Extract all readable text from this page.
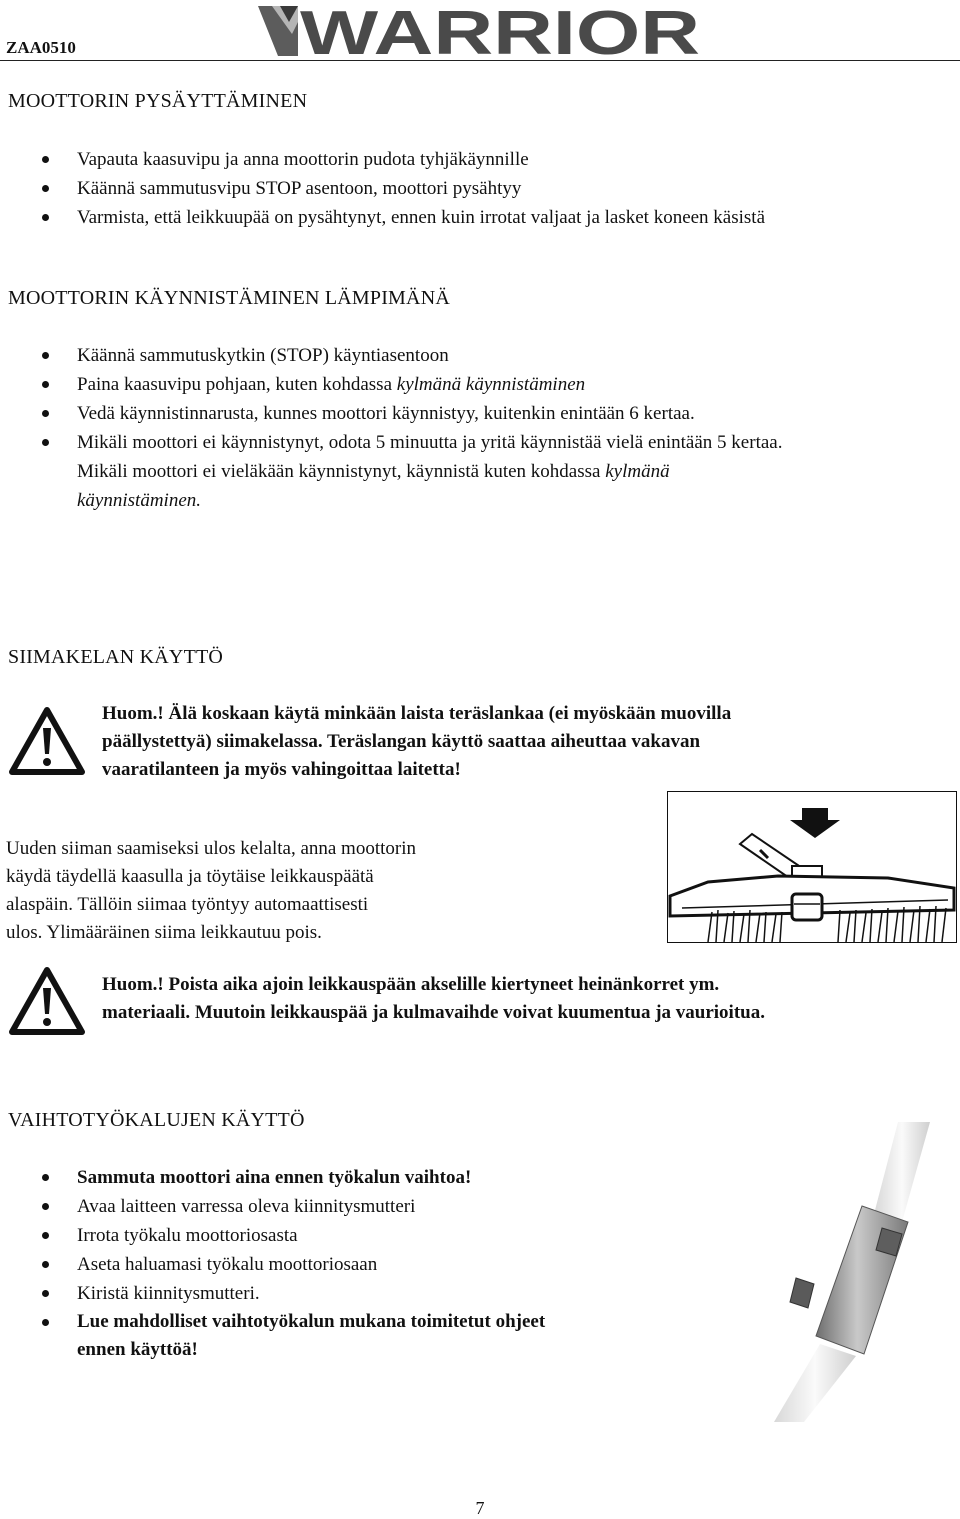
ZAA0510	WARRIOR
MOOTTORIN PYSÄYTTÄMINEN
Vapauta kaasuvipu ja anna moottorin pudota tyhjäkäynnille
Käännä sammutusvipu STOP asentoon, moottori pysähtyy
Varmista, että leikkuupää on pysähtynyt, ennen kuin irrotat valjaat ja lasket koneen käsistä
MOOTTORIN KÄYNNISTÄMINEN LÄMPIMÄNÄ
Käännä sammutuskytkin (STOP) käyntiasentoon
Paina kaasuvipu pohjaan, kuten kohdassa kylmänä käynnistäminen
Vedä käynnistinnarusta, kunnes moottori käynnistyy, kuitenkin enintään 6 kertaa.
Mikäli moottori ei käynnistynyt, odota 5 minuutta ja yritä käynnistää vielä enintään 5 kertaa.
Mikäli moottori ei vieläkään käynnistynyt, käynnistä kuten kohdassa kylmänä
käynnistäminen.
SIIMAKELAN KÄYTTÖ
Huom.! Älä koskaan käytä minkään laista teräslankaa (ei myöskään muovilla
päällystettyä) siimakelassa. Teräslangan käyttö saattaa aiheuttaa vakavan
vaaratilanteen ja myös vahingoittaa laitetta!
Uuden siiman saamiseksi ulos kelalta, anna moottorin
käydä täydellä kaasulla ja töytäise leikkauspäätä
alaspäin. Tällöin siimaa työntyy automaattisesti
ulos. Ylimääräinen siima leikkautuu pois.
Huom.! Poista aika ajoin leikkauspään akselille kiertyneet heinänkorret ym.
materiaali. Muutoin leikkauspää ja kulmavaihde voivat kuumentua ja vaurioitua.
VAIHTOTYÖKALUJEN KÄYTTÖ
Sammuta moottori aina ennen työkalun vaihtoa!
Avaa laitteen varressa oleva kiinnitysmutteri
Irrota työkalu moottoriosasta
Aseta haluamasi työkalu moottoriosaan
Kiristä kiinnitysmutteri.
Lue mahdolliset vaihtotyökalun mukana toimitetut ohjeet
ennen käyttöä!
7
